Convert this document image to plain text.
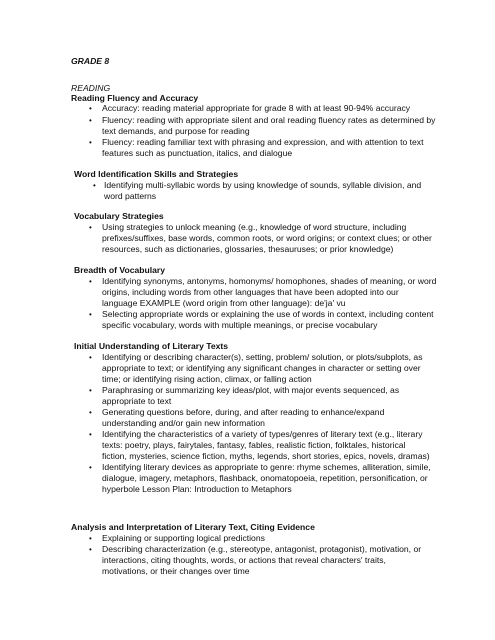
GRADE 8
READING
Reading Fluency and Accuracy
• Accuracy: reading material appropriate for grade 8 with at least 90-94% accuracy
• Fluency: reading with appropriate silent and oral reading fluency rates as determined by
text demands, and purpose for reading
• Fluency: reading familiar text with phrasing and expression, and with attention to text
features such as punctuation, italics, and dialogue
Word Identification Skills and Strategies
• Identifying multi-syllabic words by using knowledge of sounds, syllable division, and
word patterns
Vocabulary Strategies
• Using strategies to unlock meaning (e.g., knowledge of word structure, including
prefixes/suffixes, base words, common roots, or word origins; or context clues; or other
resources, such as dictionaries, glossaries, thesauruses; or prior knowledge)
Breadth of Vocabulary
• Identifying synonyms, antonyms, homonyms/ homophones, shades of meaning, or word
origins, including words from other languages that have been adopted into our
language EXAMPLE (word origin from other language): de'ja' vu
• Selecting appropriate words or explaining the use of words in context, including content
specific vocabulary, words with multiple meanings, or precise vocabulary
Initial Understanding of Literary Texts
• Identifying or describing character(s), setting, problem/ solution, or plots/subplots, as
appropriate to text; or identifying any significant changes in character or setting over
time; or identifying rising action, climax, or falling action
• Paraphrasing or summarizing key ideas/plot, with major events sequenced, as
appropriate to text
• Generating questions before, during, and after reading to enhance/expand
understanding and/or gain new information
• Identifying the characteristics of a variety of types/genres of literary text (e.g., literary
texts: poetry, plays, fairytales, fantasy, fables, realistic fiction, folktales, historical
fiction, mysteries, science fiction, myths, legends, short stories, epics, novels, dramas)
• Identifying literary devices as appropriate to genre: rhyme schemes, alliteration, simile,
dialogue, imagery, metaphors, flashback, onomatopoeia, repetition, personification, or
hyperbole Lesson Plan: Introduction to Metaphors
Analysis and Interpretation of Literary Text, Citing Evidence
• Explaining or supporting logical predictions
• Describing characterization (e.g., stereotype, antagonist, protagonist), motivation, or
interactions, citing thoughts, words, or actions that reveal characters' traits,
motivations, or their changes over time
